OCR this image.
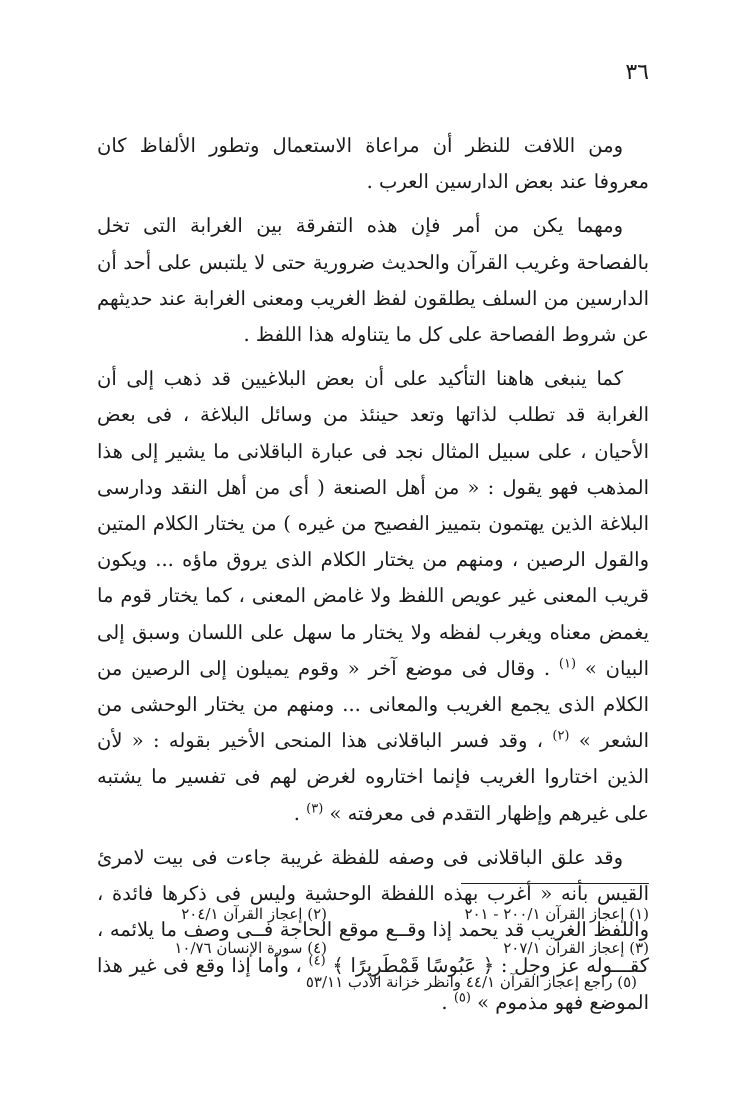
٣٦

ومن اللافت للنظر أن مراعاة الاستعمال وتطور الألفاظ كان معروفا عند بعض الدارسين العرب .

ومهما يكن من أمر فإن هذه التفرقة بين الغرابة التى تخل بالفصاحة وغريب القرآن والحديث ضرورية حتى لا يلتبس على أحد أن الدارسين من السلف يطلقون لفظ الغريب ومعنى الغرابة عند حديثهم عن شروط الفصاحة على كل ما يتناوله هذا اللفظ .

كما ينبغى هاهنا التأكيد على أن بعض البلاغيين قد ذهب إلى أن الغرابة قد تطلب لذاتها وتعد حينئذ من وسائل البلاغة ، فى بعض الأحيان ، على سبيل المثال نجد فى عبارة الباقلانى ما يشير إلى هذا المذهب فهو يقول : « من أهل الصنعة ( أى من أهل النقد ودارسى البلاغة الذين يهتمون بتمييز الفصيح من غيره ) من يختار الكلام المتين والقول الرصين ، ومنهم من يختار الكلام الذى يروق ماؤه ... ويكون قريب المعنى غير عويص اللفظ ولا غامض المعنى ، كما يختار قوم ما يغمض معناه ويغرب لفظه ولا يختار ما سهل على اللسان وسبق إلى البيان » $^{(١)}$ . وقال فى موضع آخر « وقوم يميلون إلى الرصين من الكلام الذى يجمع الغريب والمعانى ... ومنهم من يختار الوحشى من الشعر » $^{(٢)}$ ، وقد فسر الباقلانى هذا المنحى الأخير بقوله : « لأن الذين اختاروا الغريب فإنما اختاروه لغرض لهم فى تفسير ما يشتبه على غيرهم وإظهار التقدم فى معرفته » $^{(٣)}$ .

وقد علق الباقلانى فى وصفه للفظة غريبة جاءت فى بيت لامرئ القيس بأنه « أغرب بهذه اللفظة الوحشية وليس فى ذكرها فائدة ، واللفظ الغريب قد يحمد إذا وقــع موقع الحاجة فــى وصف ما يلائمه ، كقـــوله عز وجل : ﴿ عَبُوسًا قَمْطَرِيرًا ﴾ $^{(٤)}$ ، وأما إذا وقع فى غير هذا الموضع فهو مذموم » $^{(٥)}$ .

(١) إعجاز القرآن ٢٠٠/١ - ٢٠١
(٢) إعجاز القرآن ٢٠٤/١
(٣) إعجاز القرآن ٢٠٧/١
(٤) سورة الإنسان ١٠/٧٦
(٥) راجع إعجاز القرآن ٤٤/١ وانظر خزانة الأدب ٥٣/١١
